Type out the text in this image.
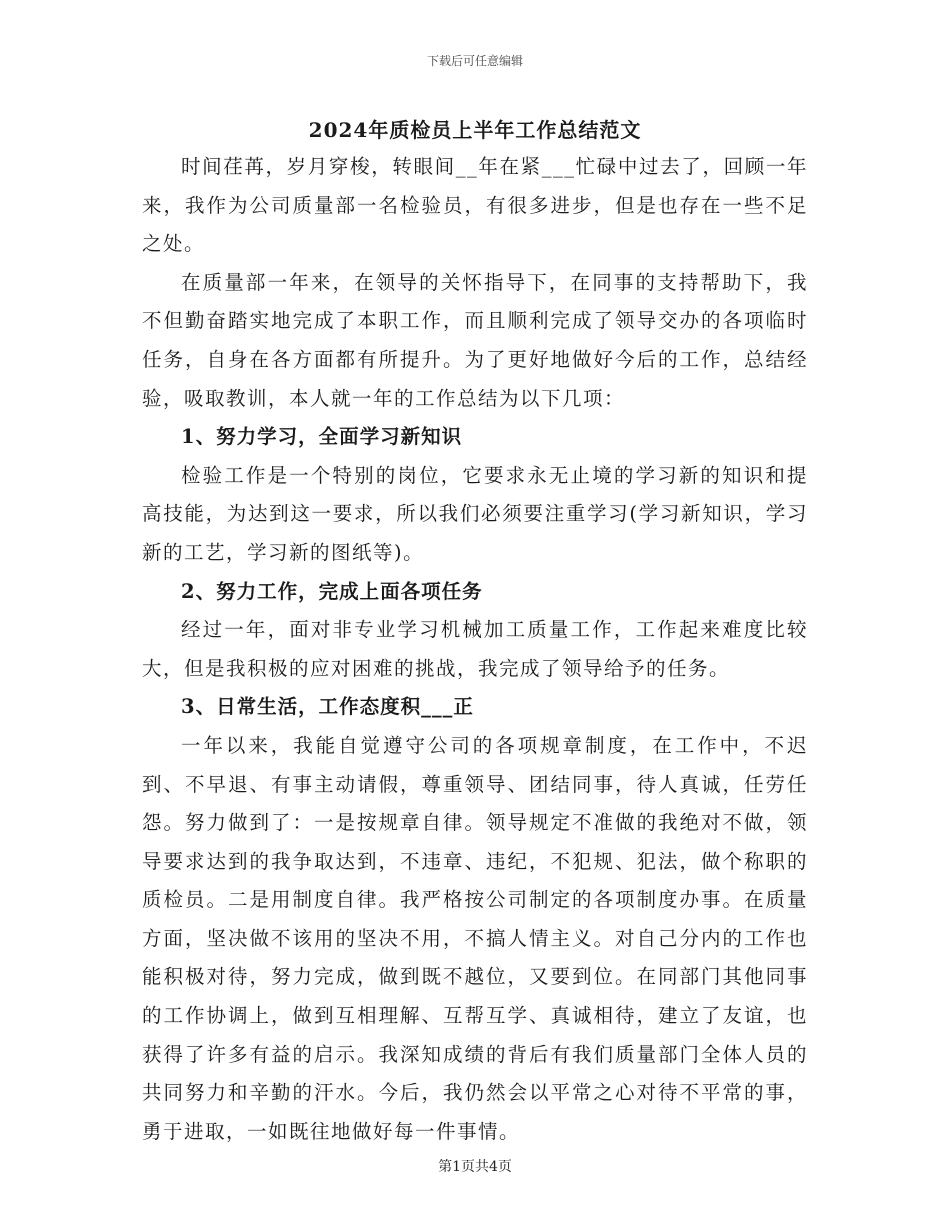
下载后可任意编辑
2024年质检员上半年工作总结范文

时间荏苒，岁月穿梭，转眼间__年在紧___忙碌中过去了，回顾一年来，我作为公司质量部一名检验员，有很多进步，但是也存在一些不足之处。

在质量部一年来，在领导的关怀指导下，在同事的支持帮助下，我不但勤奋踏实地完成了本职工作，而且顺利完成了领导交办的各项临时任务，自身在各方面都有所提升。为了更好地做好今后的工作，总结经验，吸取教训，本人就一年的工作总结为以下几项：

1、努力学习，全面学习新知识

检验工作是一个特别的岗位，它要求永无止境的学习新的知识和提高技能，为达到这一要求，所以我们必须要注重学习(学习新知识，学习新的工艺，学习新的图纸等)。

2、努力工作，完成上面各项任务

经过一年，面对非专业学习机械加工质量工作，工作起来难度比较大，但是我积极的应对困难的挑战，我完成了领导给予的任务。

3、日常生活，工作态度积___正

一年以来，我能自觉遵守公司的各项规章制度，在工作中，不迟到、不早退、有事主动请假，尊重领导、团结同事，待人真诚，任劳任怨。努力做到了：一是按规章自律。领导规定不准做的我绝对不做，领导要求达到的我争取达到，不违章、违纪，不犯规、犯法，做个称职的质检员。二是用制度自律。我严格按公司制定的各项制度办事。在质量方面，坚决做不该用的坚决不用，不搞人情主义。对自己分内的工作也能积极对待，努力完成，做到既不越位，又要到位。在同部门其他同事的工作协调上，做到互相理解、互帮互学、真诚相待，建立了友谊，也获得了许多有益的启示。我深知成绩的背后有我们质量部门全体人员的共同努力和辛勤的汗水。今后，我仍然会以平常之心对待不平常的事，勇于进取，一如既往地做好每一件事情。

第1页共4页
